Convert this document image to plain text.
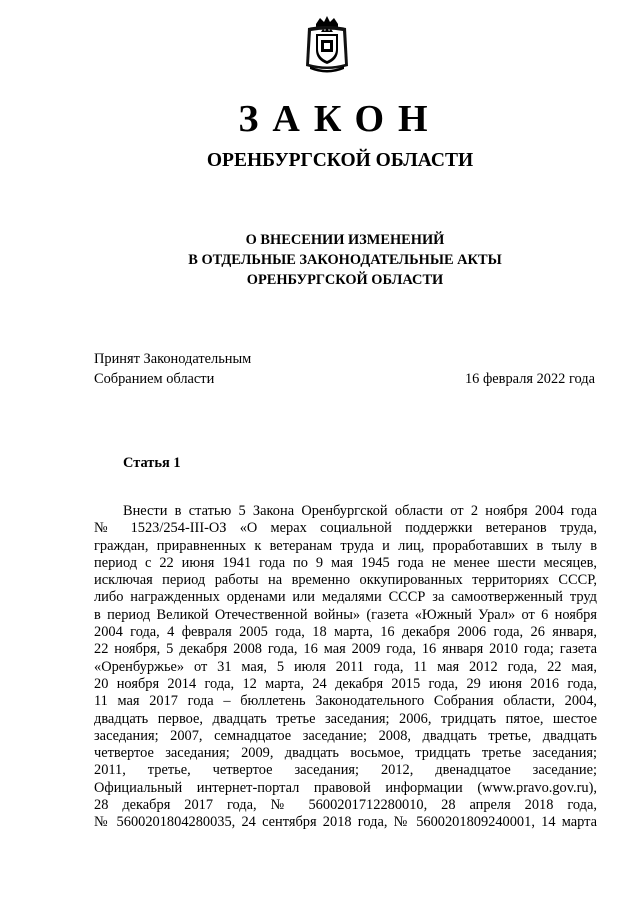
ЗАКОН
ОРЕНБУРГСКОЙ ОБЛАСТИ
О ВНЕСЕНИИ ИЗМЕНЕНИЙ
В ОТДЕЛЬНЫЕ ЗАКОНОДАТЕЛЬНЫЕ АКТЫ
ОРЕНБУРГСКОЙ ОБЛАСТИ
Принят Законодательным
Собранием области	16 февраля 2022 года
Статья 1
Внести в статью 5 Закона Оренбургской области от 2 ноября 2004 года
№ 1523/254-III-ОЗ «О мерах социальной поддержки ветеранов труда,
граждан, приравненных к ветеранам труда и лиц, проработавших в тылу в
период с 22 июня 1941 года по 9 мая 1945 года не менее шести месяцев,
исключая период работы на временно оккупированных территориях СССР,
либо награжденных орденами или медалями СССР за самоотверженный труд
в период Великой Отечественной войны» (газета «Южный Урал» от 6 ноября
2004 года, 4 февраля 2005 года, 18 марта, 16 декабря 2006 года, 26 января,
22 ноября, 5 декабря 2008 года, 16 мая 2009 года, 16 января 2010 года; газета
«Оренбуржье» от 31 мая, 5 июля 2011 года, 11 мая 2012 года, 22 мая,
20 ноября 2014 года, 12 марта, 24 декабря 2015 года, 29 июня 2016 года,
11 мая 2017 года – бюллетень Законодательного Собрания области, 2004,
двадцать первое, двадцать третье заседания; 2006, тридцать пятое, шестое
заседания; 2007, семнадцатое заседание; 2008, двадцать третье, двадцать
четвертое заседания; 2009, двадцать восьмое, тридцать третье заседания;
2011, третье, четвертое заседания; 2012, двенадцатое заседание;
Официальный интернет-портал правовой информации (www.pravo.gov.ru),
28 декабря 2017 года, № 5600201712280010, 28 апреля 2018 года,
№ 5600201804280035, 24 сентября 2018 года, № 5600201809240001, 14 марта
